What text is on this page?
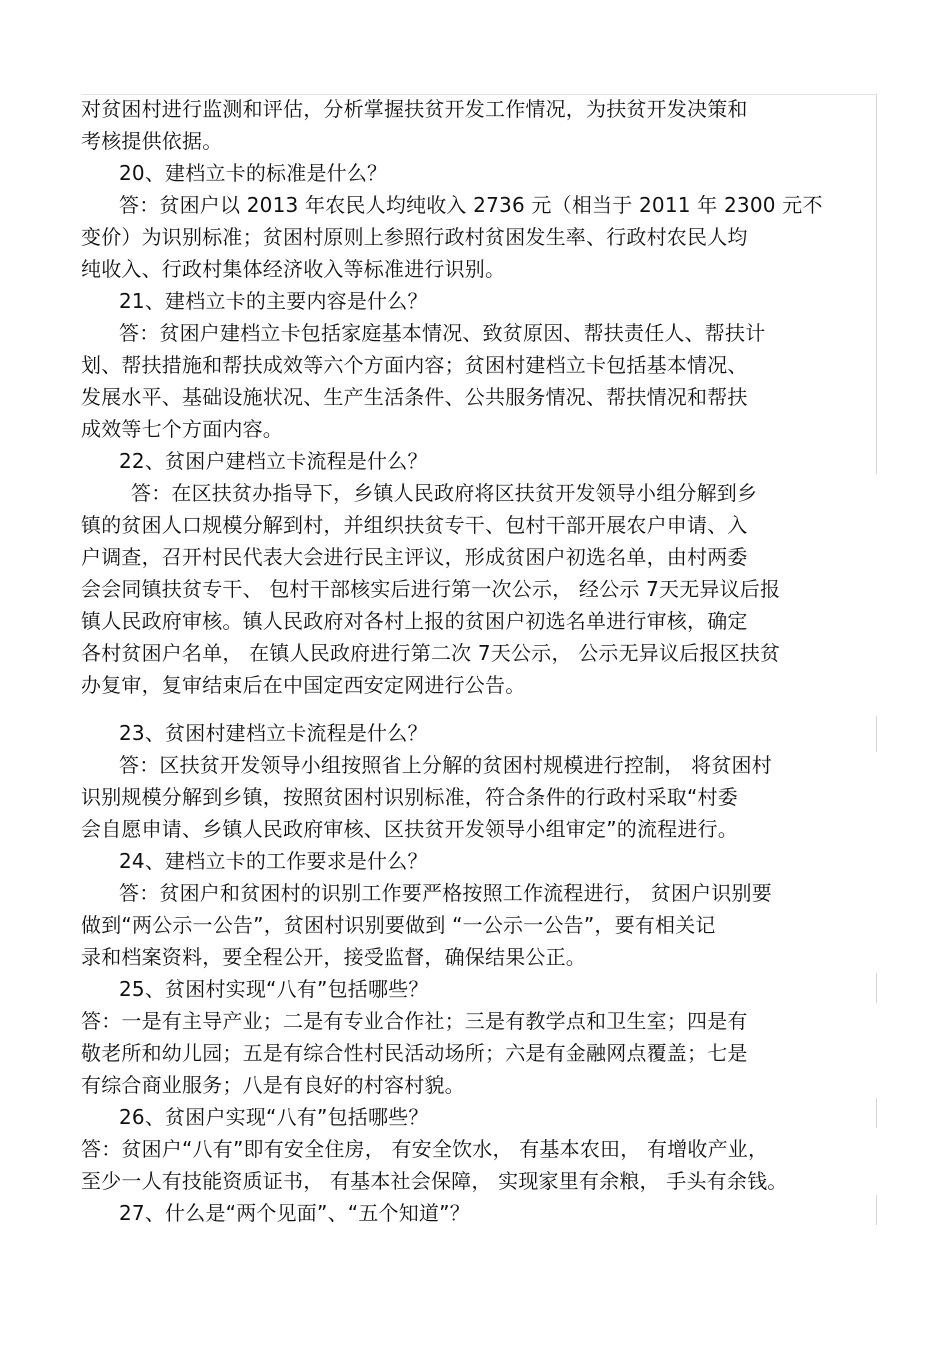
对贫困村进行监测和评估，分析掌握扶贫开发工作情况，为扶贫开发决策和
考核提供依据。
20、建档立卡的标准是什么？
答：贫困户以 2013 年农民人均纯收入 2736 元（相当于 2011 年 2300 元不
变价）为识别标准；贫困村原则上参照行政村贫困发生率、行政村农民人均
纯收入、行政村集体经济收入等标准进行识别。
21、建档立卡的主要内容是什么？
答：贫困户建档立卡包括家庭基本情况、致贫原因、帮扶责任人、帮扶计
划、帮扶措施和帮扶成效等六个方面内容；贫困村建档立卡包括基本情况、
发展水平、基础设施状况、生产生活条件、公共服务情况、帮扶情况和帮扶
成效等七个方面内容。
22、贫困户建档立卡流程是什么？
答：在区扶贫办指导下，乡镇人民政府将区扶贫开发领导小组分解到乡
镇的贫困人口规模分解到村，并组织扶贫专干、包村干部开展农户申请、入
户调查，召开村民代表大会进行民主评议，形成贫困户初选名单，由村两委
会会同镇扶贫专干、 包村干部核实后进行第一次公示， 经公示 7天无异议后报
镇人民政府审核。镇人民政府对各村上报的贫困户初选名单进行审核，确定
各村贫困户名单， 在镇人民政府进行第二次 7天公示， 公示无异议后报区扶贫
办复审，复审结束后在中国定西安定网进行公告。
23、贫困村建档立卡流程是什么？
答：区扶贫开发领导小组按照省上分解的贫困村规模进行控制， 将贫困村
识别规模分解到乡镇，按照贫困村识别标准，符合条件的行政村采取“村委
会自愿申请、乡镇人民政府审核、区扶贫开发领导小组审定”的流程进行。
24、建档立卡的工作要求是什么？
答：贫困户和贫困村的识别工作要严格按照工作流程进行， 贫困户识别要
做到“两公示一公告”，贫困村识别要做到 “一公示一公告”，要有相关记
录和档案资料，要全程公开，接受监督，确保结果公正。
25、贫困村实现“八有”包括哪些？
答：一是有主导产业；二是有专业合作社；三是有教学点和卫生室；四是有
敬老所和幼儿园；五是有综合性村民活动场所；六是有金融网点覆盖；七是
有综合商业服务；八是有良好的村容村貌。
26、贫困户实现“八有”包括哪些？
答：贫困户“八有”即有安全住房， 有安全饮水， 有基本农田， 有增收产业，
至少一人有技能资质证书， 有基本社会保障， 实现家里有余粮， 手头有余钱。
27、什么是“两个见面”、“五个知道”？
